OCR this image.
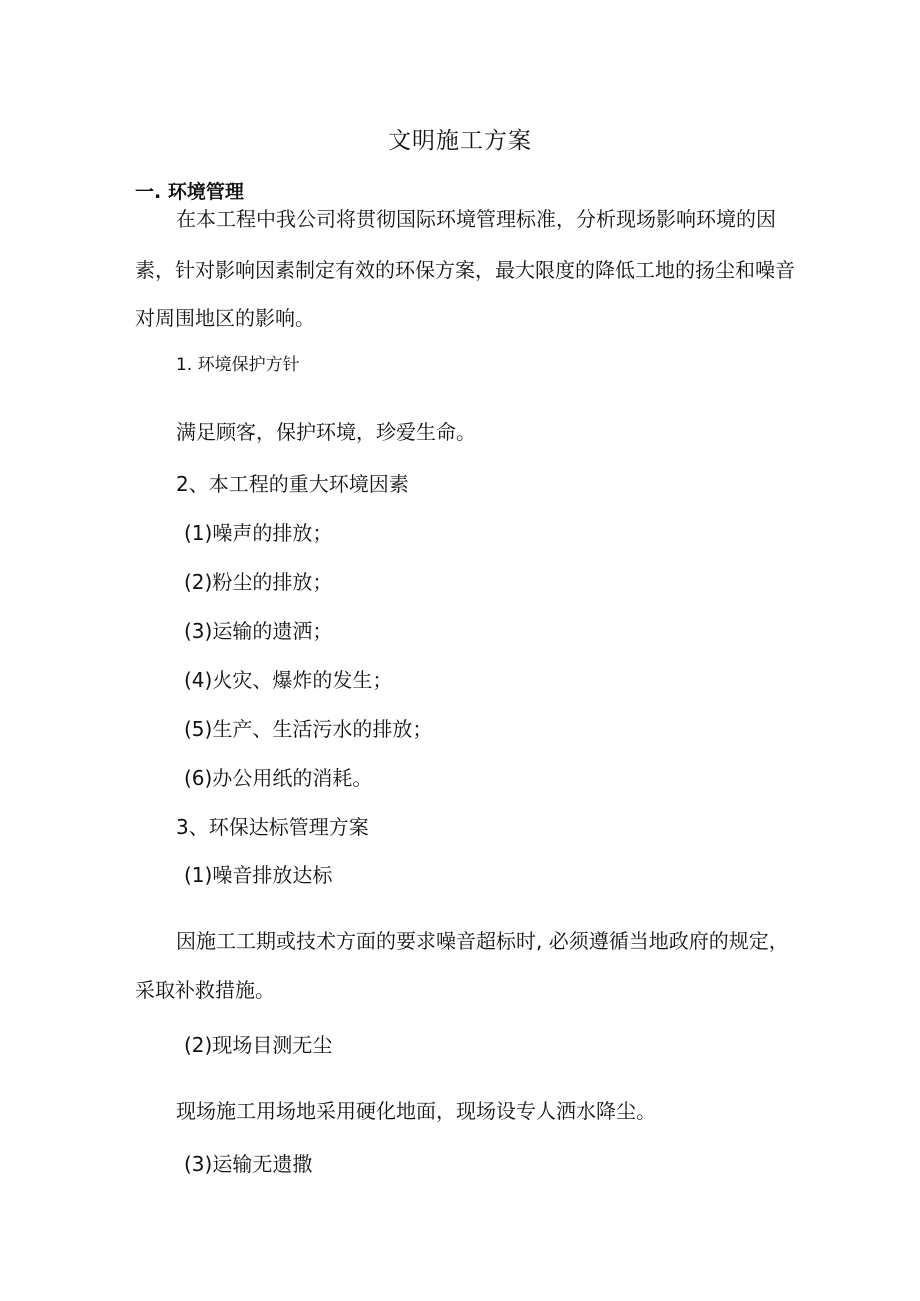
文明施工方案
一. 环境管理
在本工程中我公司将贯彻国际环境管理标准，分析现场影响环境的因
素，针对影响因素制定有效的环保方案，最大限度的降低工地的扬尘和噪音
对周围地区的影响。
1. 环境保护方针
满足顾客，保护环境，珍爱生命。
2、本工程的重大环境因素
(1)噪声的排放；
(2)粉尘的排放；
(3)运输的遗洒；
(4)火灾、爆炸的发生；
(5)生产、生活污水的排放；
(6)办公用纸的消耗。
3、环保达标管理方案
(1)噪音排放达标
因施工工期或技术方面的要求噪音超标时, 必须遵循当地政府的规定，
采取补救措施。
(2)现场目测无尘
现场施工用场地采用硬化地面，现场设专人洒水降尘。
(3)运输无遗撒
